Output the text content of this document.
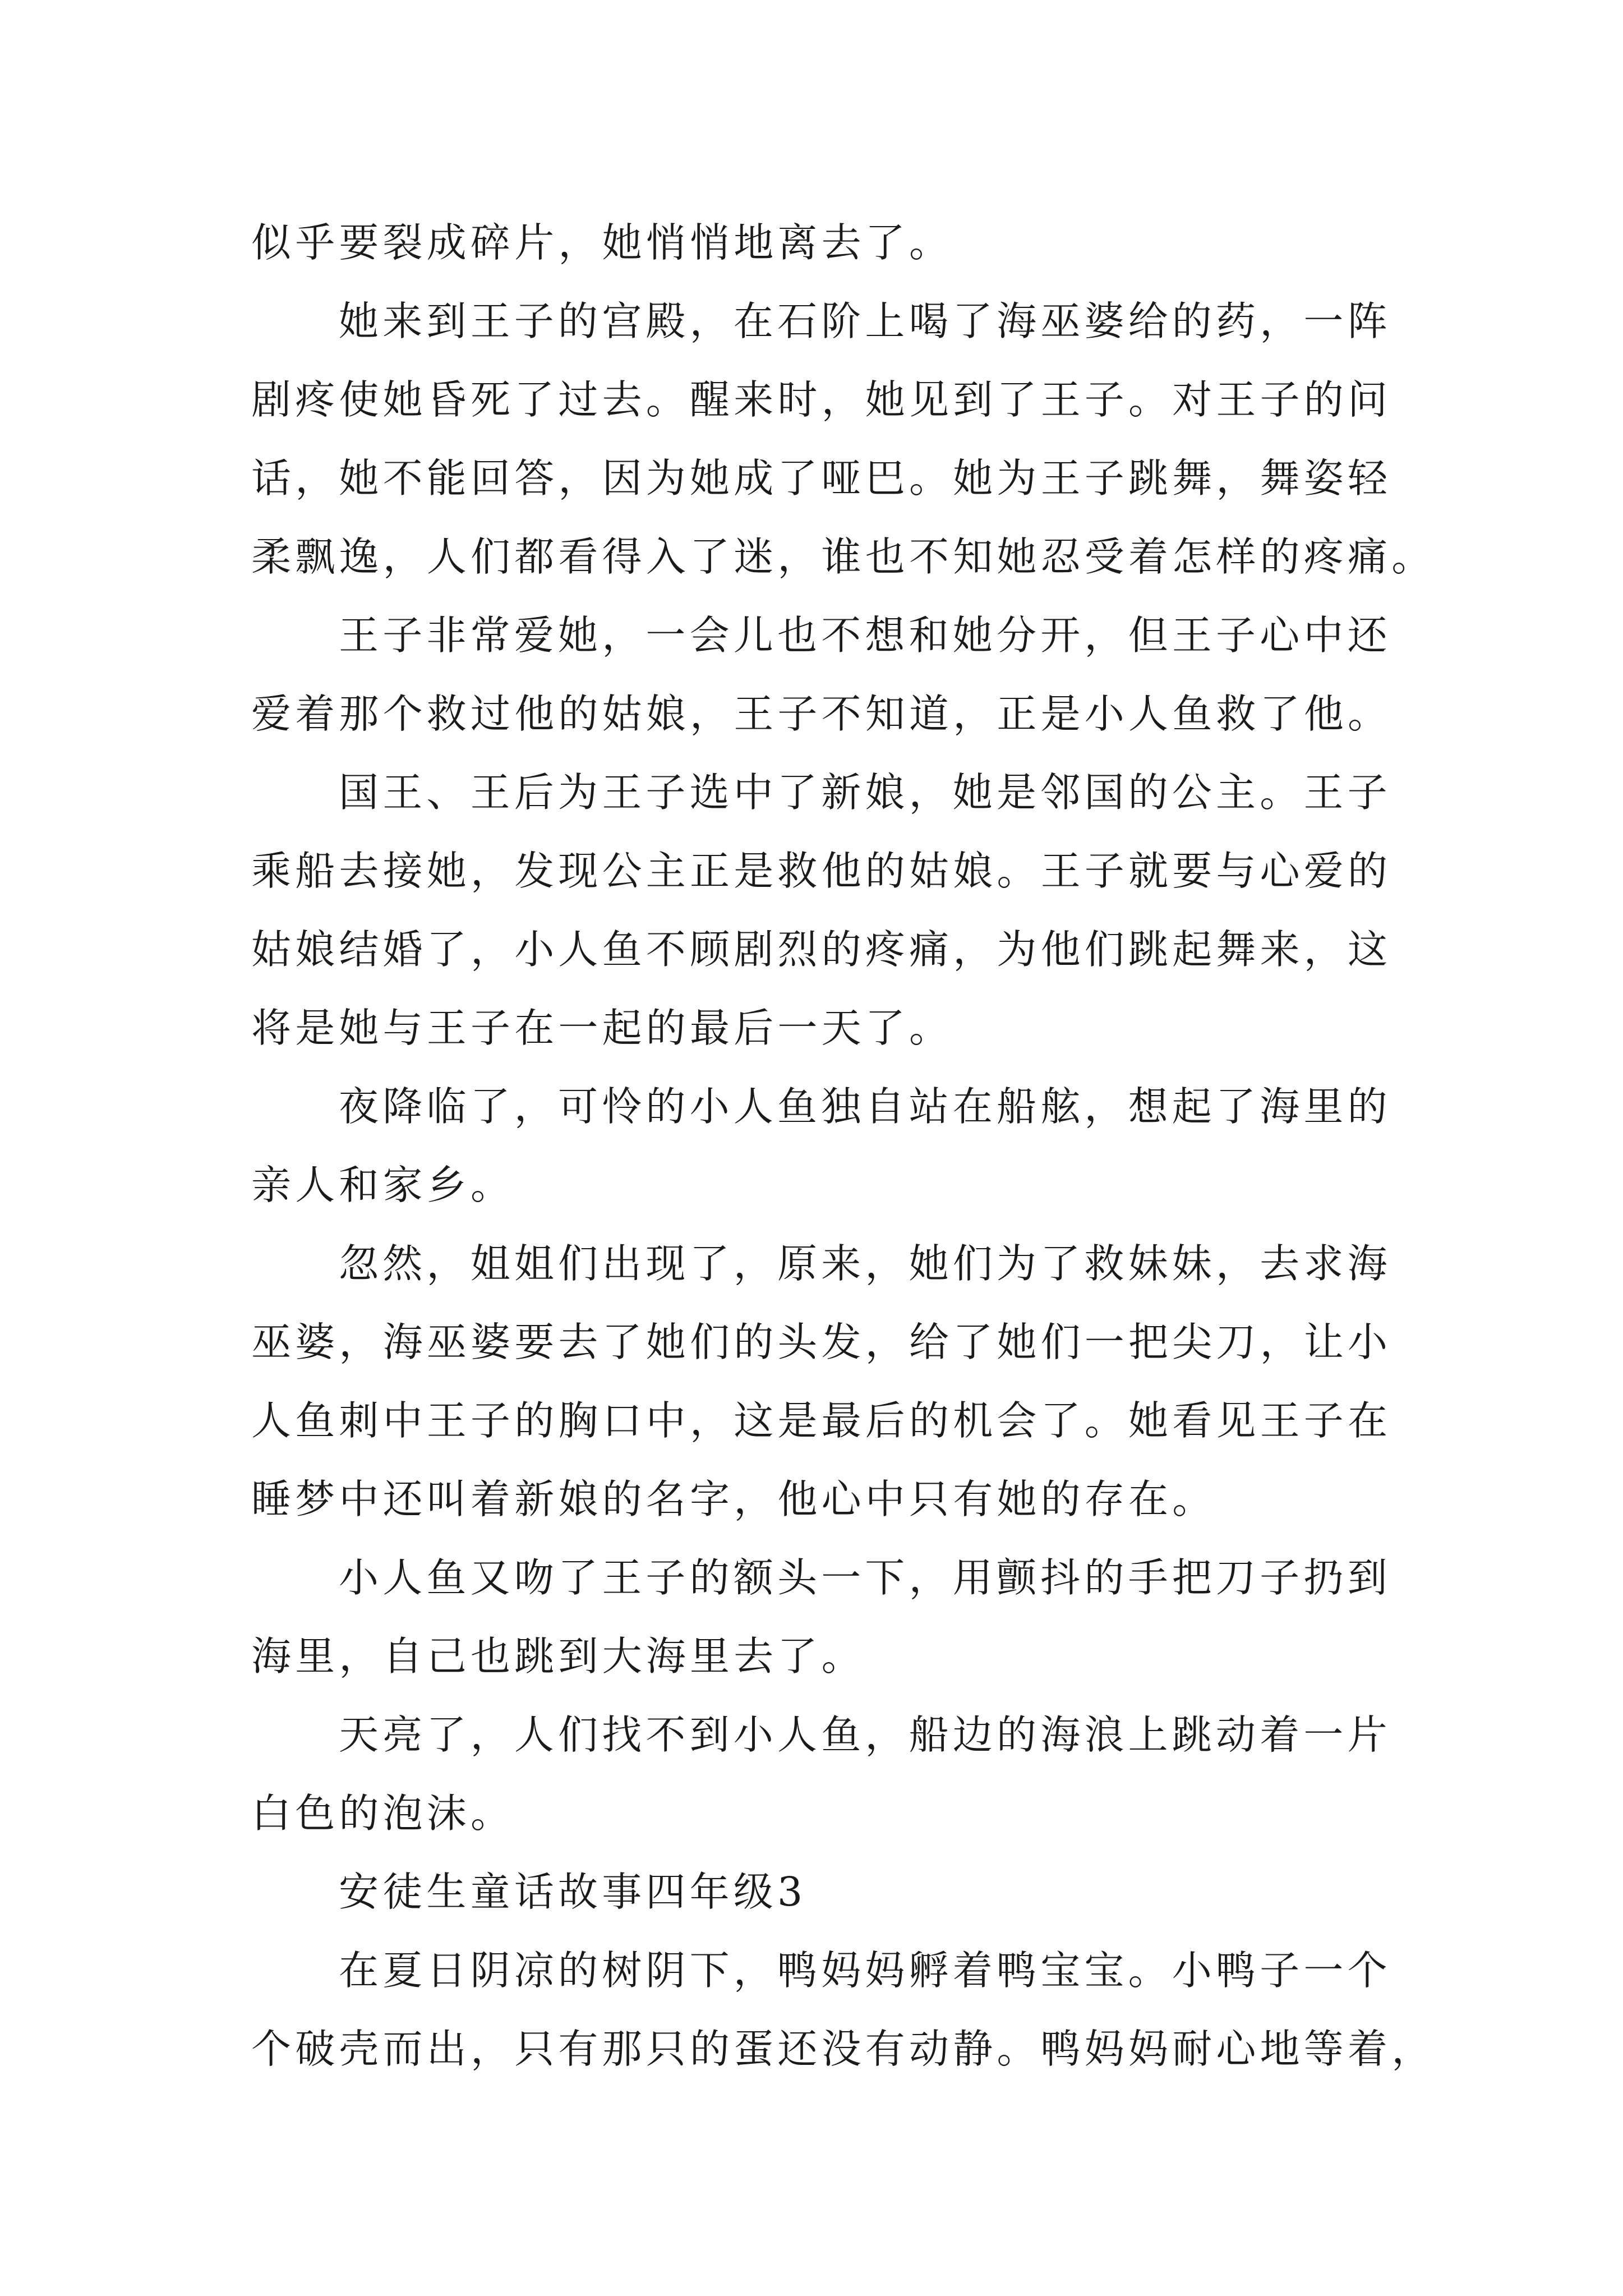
似乎要裂成碎片，她悄悄地离去了。
她来到王子的宫殿，在石阶上喝了海巫婆给的药，一阵
剧疼使她昏死了过去。醒来时，她见到了王子。对王子的问
话，她不能回答，因为她成了哑巴。她为王子跳舞，舞姿轻
柔飘逸，人们都看得入了迷，谁也不知她忍受着怎样的疼痛。
王子非常爱她，一会儿也不想和她分开，但王子心中还
爱着那个救过他的姑娘，王子不知道，正是小人鱼救了他。
国王、王后为王子选中了新娘，她是邻国的公主。王子
乘船去接她，发现公主正是救他的姑娘。王子就要与心爱的
姑娘结婚了，小人鱼不顾剧烈的疼痛，为他们跳起舞来，这
将是她与王子在一起的最后一天了。
夜降临了，可怜的小人鱼独自站在船舷，想起了海里的
亲人和家乡。
忽然，姐姐们出现了，原来，她们为了救妹妹，去求海
巫婆，海巫婆要去了她们的头发，给了她们一把尖刀，让小
人鱼刺中王子的胸口中，这是最后的机会了。她看见王子在
睡梦中还叫着新娘的名字，他心中只有她的存在。
小人鱼又吻了王子的额头一下，用颤抖的手把刀子扔到
海里，自己也跳到大海里去了。
天亮了，人们找不到小人鱼，船边的海浪上跳动着一片
白色的泡沫。
安徒生童话故事四年级3
在夏日阴凉的树阴下，鸭妈妈孵着鸭宝宝。小鸭子一个
个破壳而出，只有那只的蛋还没有动静。鸭妈妈耐心地等着，
